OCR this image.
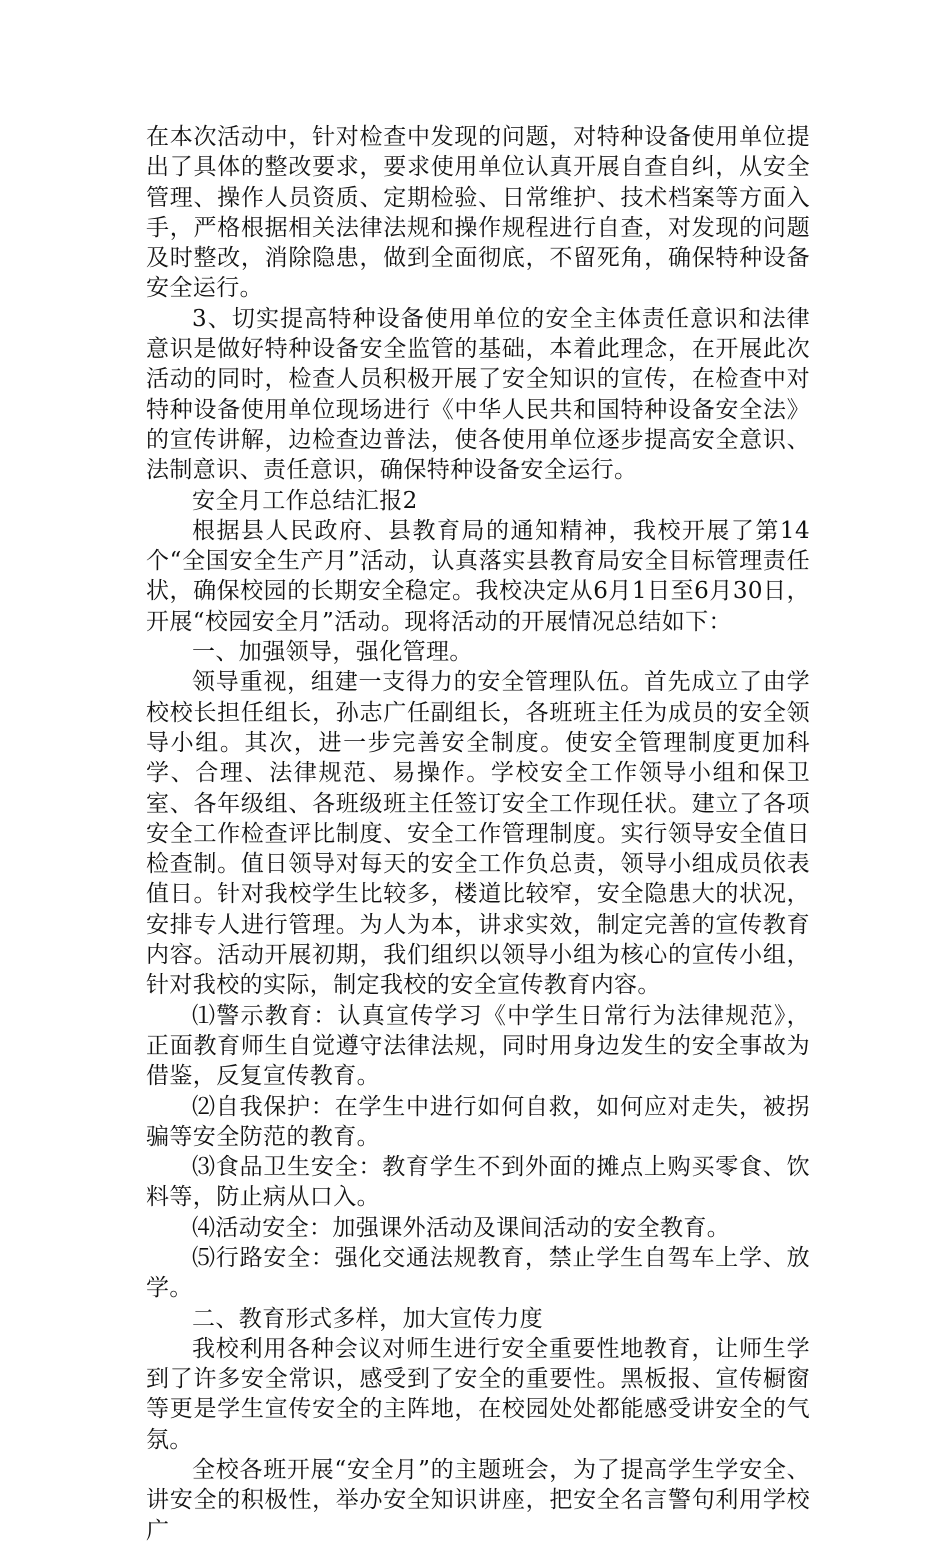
在本次活动中，针对检查中发现的问题，对特种设备使用单位提出了具体的整改要求，要求使用单位认真开展自查自纠，从安全管理、操作人员资质、定期检验、日常维护、技术档案等方面入手，严格根据相关法律法规和操作规程进行自查，对发现的问题及时整改，消除隐患，做到全面彻底，不留死角，确保特种设备安全运行。

3、切实提高特种设备使用单位的安全主体责任意识和法律意识是做好特种设备安全监管的基础，本着此理念，在开展此次活动的同时，检查人员积极开展了安全知识的宣传，在检查中对特种设备使用单位现场进行《中华人民共和国特种设备安全法》的宣传讲解，边检查边普法，使各使用单位逐步提高安全意识、法制意识、责任意识，确保特种设备安全运行。

安全月工作总结汇报2

根据县人民政府、县教育局的通知精神，我校开展了第14个“全国安全生产月”活动，认真落实县教育局安全目标管理责任状，确保校园的长期安全稳定。我校决定从6月1日至6月30日，开展“校园安全月”活动。现将活动的开展情况总结如下：

一、加强领导，强化管理。

领导重视，组建一支得力的安全管理队伍。首先成立了由学校校长担任组长，孙志广任副组长，各班班主任为成员的安全领导小组。其次，进一步完善安全制度。使安全管理制度更加科学、合理、法律规范、易操作。学校安全工作领导小组和保卫室、各年级组、各班级班主任签订安全工作现任状。建立了各项安全工作检查评比制度、安全工作管理制度。实行领导安全值日检查制。值日领导对每天的安全工作负总责，领导小组成员依表值日。针对我校学生比较多，楼道比较窄，安全隐患大的状况，安排专人进行管理。为人为本，讲求实效，制定完善的宣传教育内容。活动开展初期，我们组织以领导小组为核心的宣传小组，针对我校的实际，制定我校的安全宣传教育内容。

⑴警示教育：认真宣传学习《中学生日常行为法律规范》，正面教育师生自觉遵守法律法规，同时用身边发生的安全事故为借鉴，反复宣传教育。

⑵自我保护：在学生中进行如何自救，如何应对走失，被拐骗等安全防范的教育。

⑶食品卫生安全：教育学生不到外面的摊点上购买零食、饮料等，防止病从口入。

⑷活动安全：加强课外活动及课间活动的安全教育。

⑸行路安全：强化交通法规教育，禁止学生自驾车上学、放学。

二、教育形式多样，加大宣传力度

我校利用各种会议对师生进行安全重要性地教育，让师生学到了许多安全常识，感受到了安全的重要性。黑板报、宣传橱窗等更是学生宣传安全的主阵地，在校园处处都能感受讲安全的气氛。

全校各班开展“安全月”的主题班会，为了提高学生学安全、讲安全的积极性，举办安全知识讲座，把安全名言警句利用学校广
